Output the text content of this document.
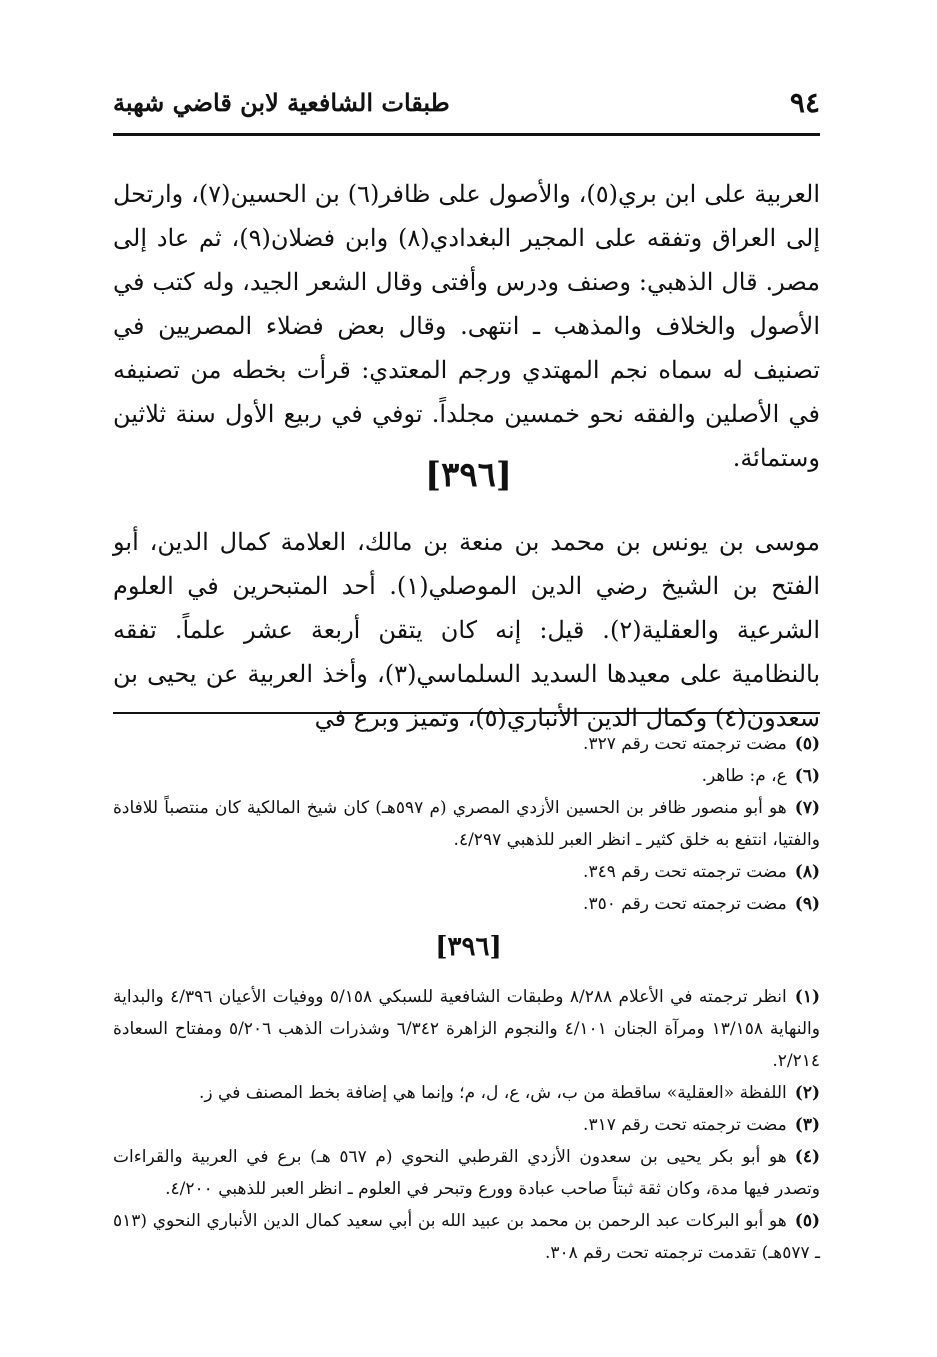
٩٤
طبقات الشافعية لابن قاضي شهبة

العربية على ابن بري(٥)، والأصول على ظافر(٦) بن الحسين(٧)، وارتحل إلى العراق وتفقه على المجير البغدادي(٨) وابن فضلان(٩)، ثم عاد إلى مصر. قال الذهبي: وصنف ودرس وأفتى وقال الشعر الجيد، وله كتب في الأصول والخلاف والمذهب ـ انتهى. وقال بعض فضلاء المصريين في تصنيف له سماه نجم المهتدي ورجم المعتدي: قرأت بخطه من تصنيفه في الأصلين والفقه نحو خمسين مجلداً. توفي في ربيع الأول سنة ثلاثين وستمائة.

[٣٩٦]

موسى بن يونس بن محمد بن منعة بن مالك، العلامة كمال الدين، أبو الفتح بن الشيخ رضي الدين الموصلي(١). أحد المتبحرين في العلوم الشرعية والعقلية(٢). قيل: إنه كان يتقن أربعة عشر علماً. تفقه بالنظامية على معيدها السديد السلماسي(٣)، وأخذ العربية عن يحيى بن سعدون(٤) وكمال الدين الأنباري(٥)، وتميز وبرع في

(٥)مضت ترجمته تحت رقم ٣٢٧.

(٦)ع، م: طاهر.

(٧)هو أبو منصور ظافر بن الحسين الأزدي المصري (م ٥٩٧هـ) كان شيخ المالكية كان منتصباً للافادة والفتيا، انتفع به خلق كثير ـ انظر العبر للذهبي ٤/٢٩٧.

(٨)مضت ترجمته تحت رقم ٣٤٩.

(٩)مضت ترجمته تحت رقم ٣٥٠.

[٣٩٦]

(١)انظر ترجمته في الأعلام ٨/٢٨٨ وطبقات الشافعية للسبكي ٥/١٥٨ ووفيات الأعيان ٤/٣٩٦ والبداية والنهاية ١٣/١٥٨ ومرآة الجنان ٤/١٠١ والنجوم الزاهرة ٦/٣٤٢ وشذرات الذهب ٥/٢٠٦ ومفتاح السعادة ٢/٢١٤.

(٢)اللفظة «العقلية» ساقطة من ب، ش، ع، ل، م؛ وإنما هي إضافة بخط المصنف في ز.

(٣)مضت ترجمته تحت رقم ٣١٧.

(٤)هو أبو بكر يحيى بن سعدون الأزدي القرطبي النحوي (م ٥٦٧ هـ) برع في العربية والقراءات وتصدر فيها مدة، وكان ثقة ثبتاً صاحب عبادة وورع وتبحر في العلوم ـ انظر العبر للذهبي ٤/٢٠٠.

(٥)هو أبو البركات عبد الرحمن بن محمد بن عبيد الله بن أبي سعيد كمال الدين الأنباري النحوي (٥١٣ ـ ٥٧٧هـ) تقدمت ترجمته تحت رقم ٣٠٨.
